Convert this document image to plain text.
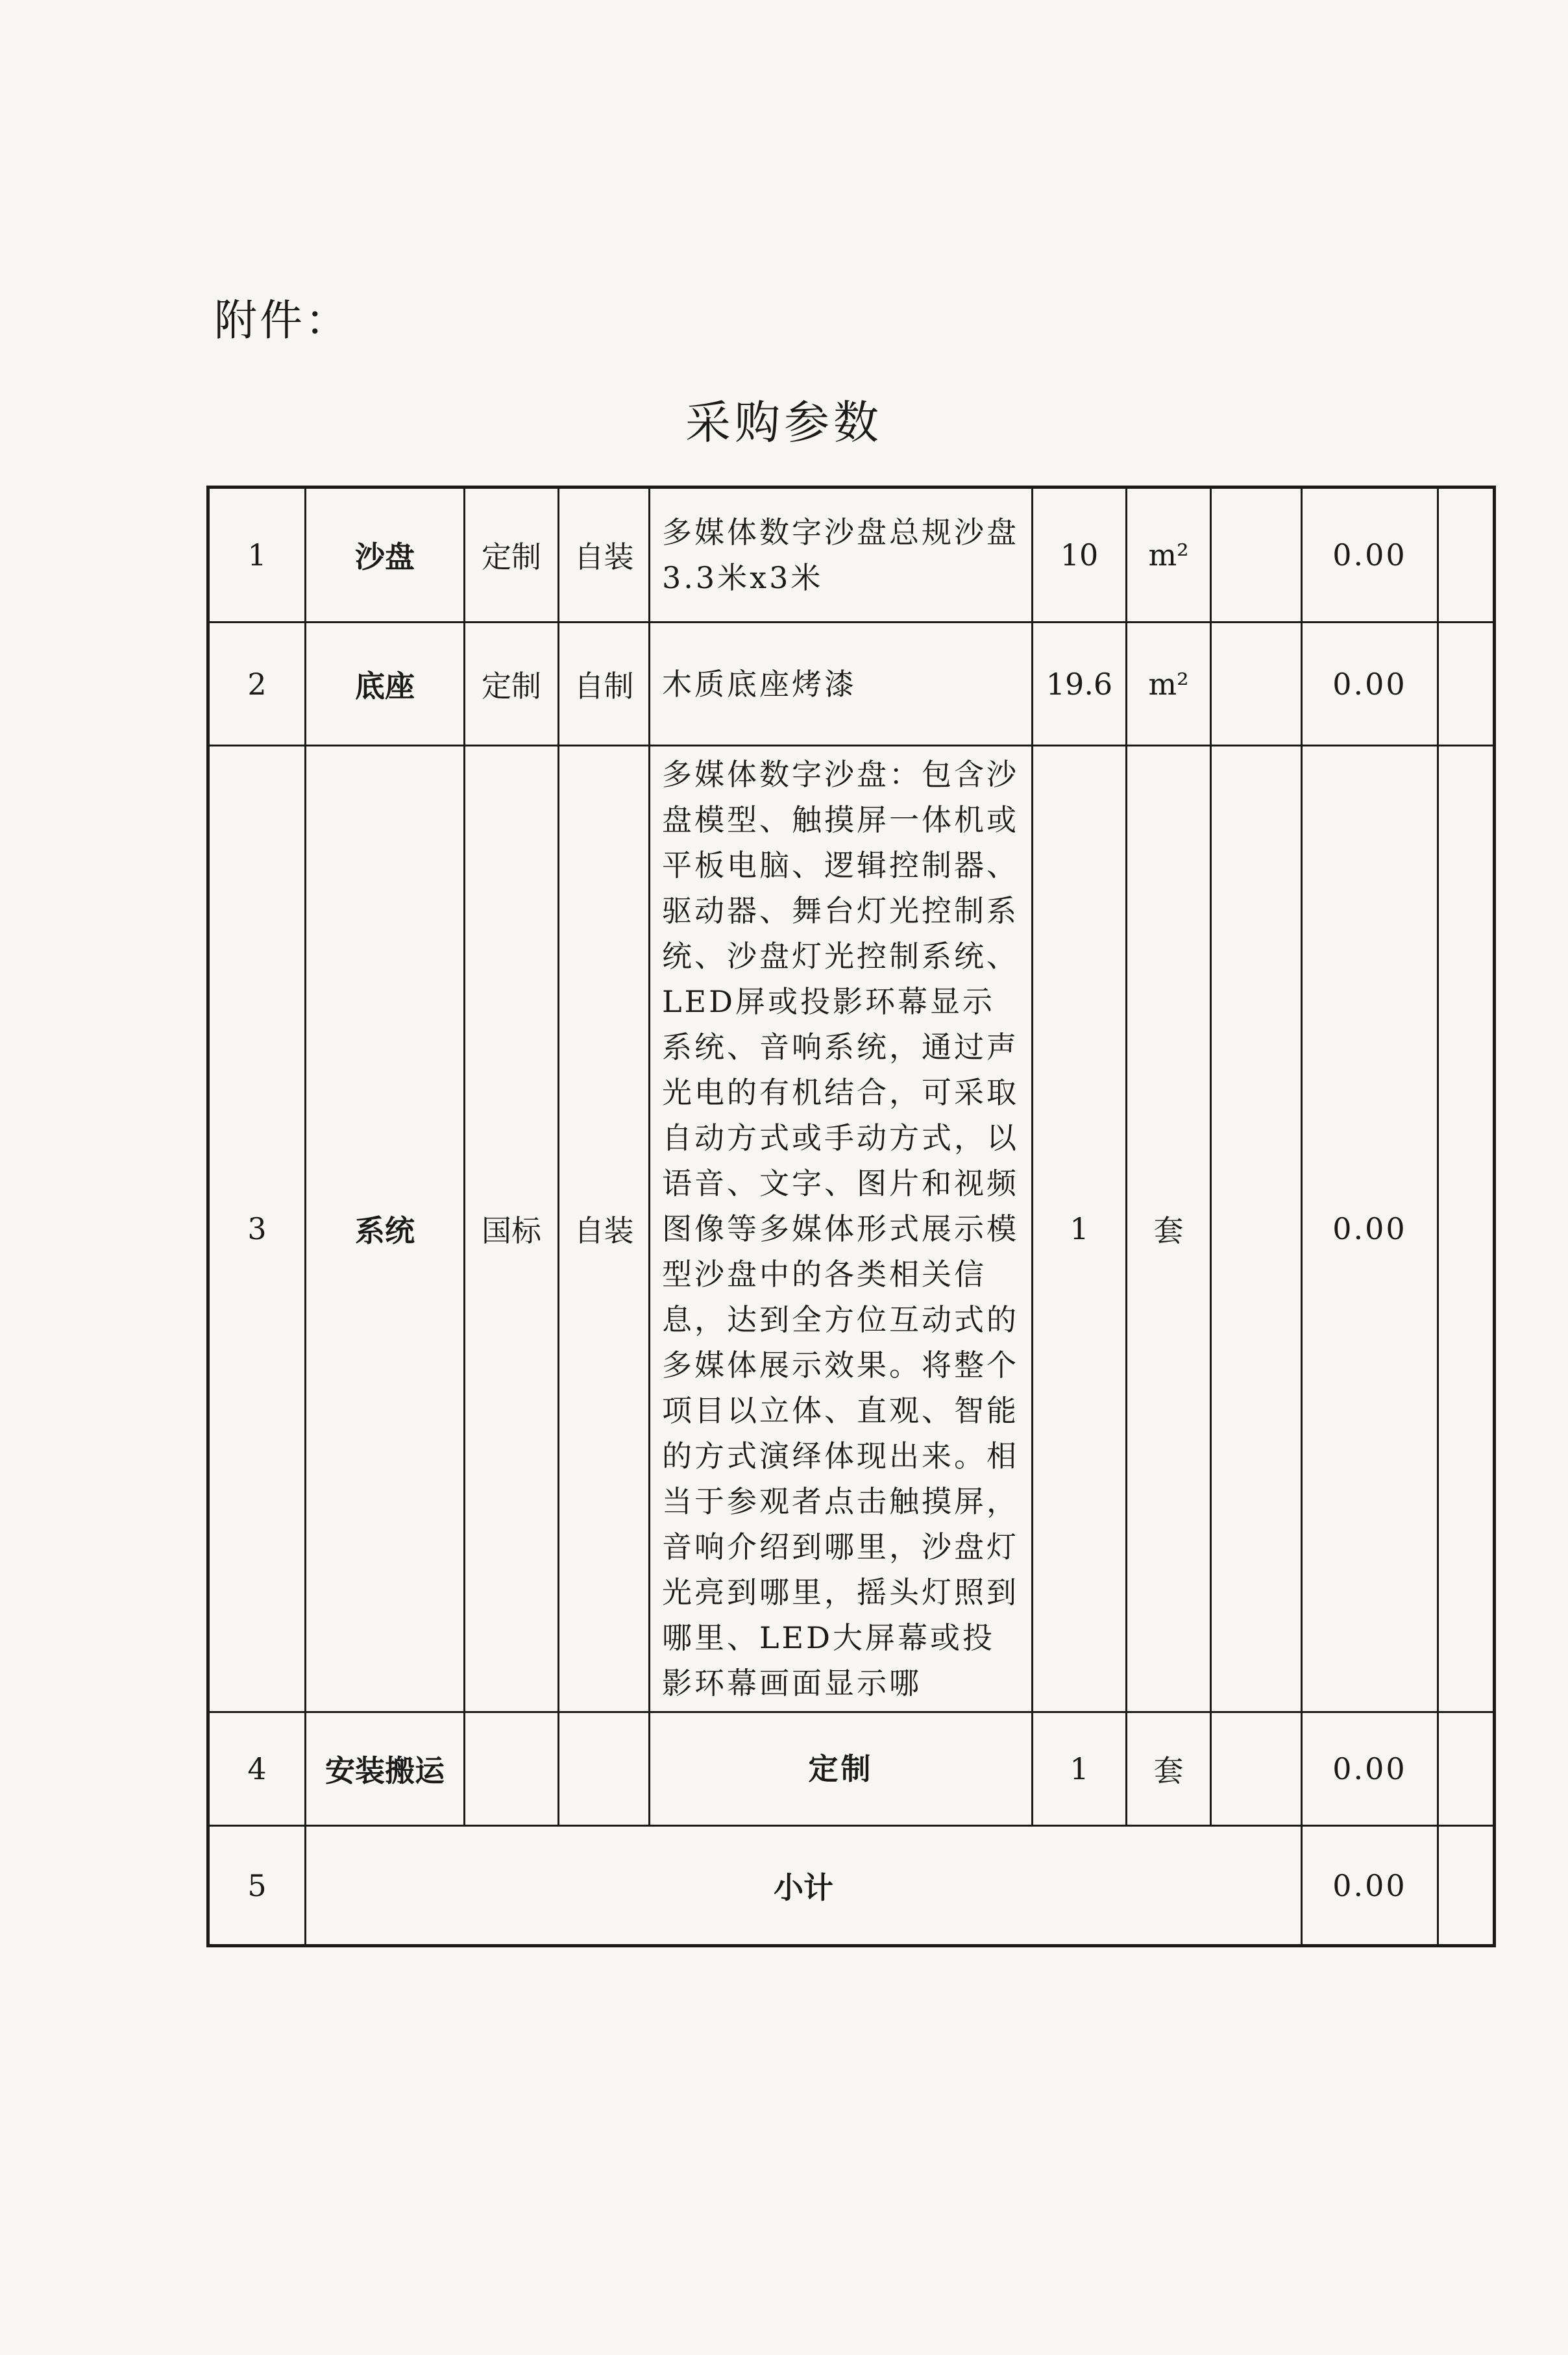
附件：
采购参数
1	沙盘	定制	自装	多媒体数字沙盘总规沙盘3.3米x3米	10	m²		0.00	
2	底座	定制	自制	木质底座烤漆	19.6	m²		0.00	
3	系统	国标	自装	多媒体数字沙盘：包含沙盘模型、触摸屏一体机或平板电脑、逻辑控制器、驱动器、舞台灯光控制系统、沙盘灯光控制系统、LED屏或投影环幕显示系统、音响系统，通过声光电的有机结合，可采取自动方式或手动方式，以语音、文字、图片和视频图像等多媒体形式展示模型沙盘中的各类相关信息，达到全方位互动式的多媒体展示效果。将整个项目以立体、直观、智能的方式演绎体现出来。相当于参观者点击触摸屏，音响介绍到哪里，沙盘灯光亮到哪里，摇头灯照到哪里、LED大屏幕或投影环幕画面显示哪	1	套		0.00	
4	安装搬运			定制	1	套		0.00	
5	小计							0.00	
